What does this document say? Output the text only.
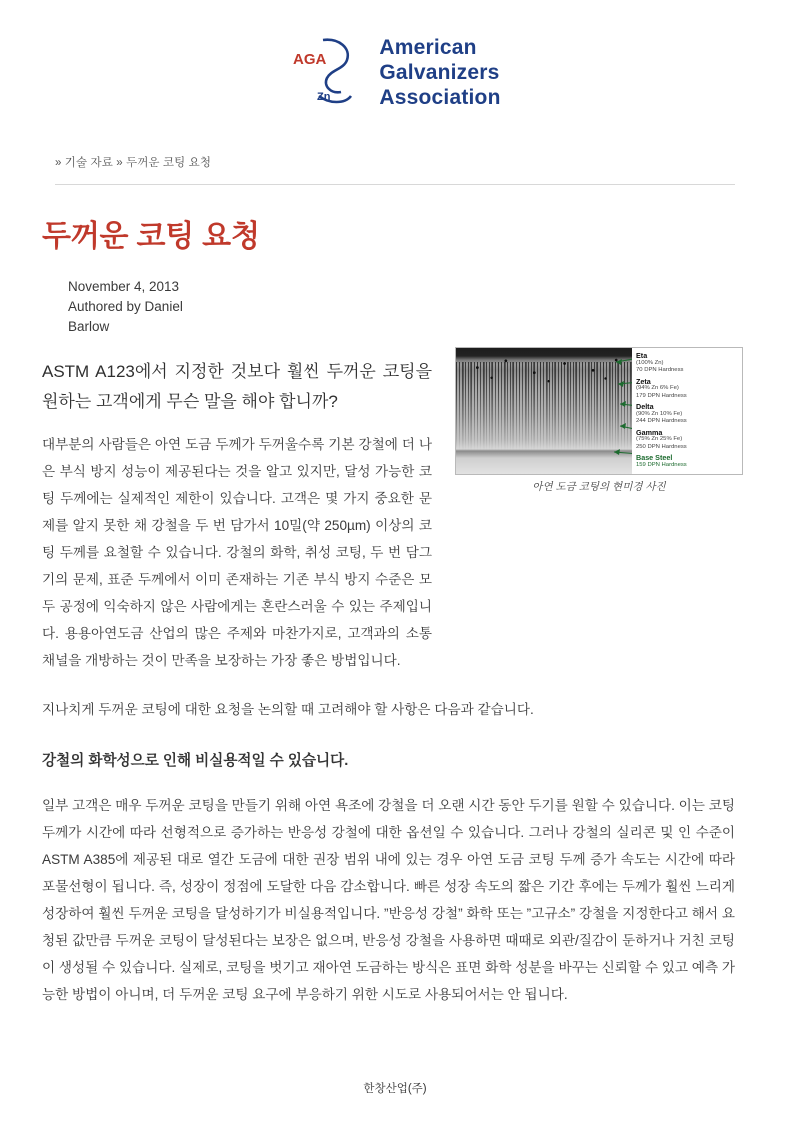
AGA
Zn
American
Galvanizers
Association
» 기술 자료 » 두꺼운 코팅 요청
두꺼운 코팅 요청
November 4, 2013
Authored by Daniel Barlow
Eta
(100% Zn)
70 DPN Hardness
Zeta
(94% Zn 6% Fe)
179 DPN Hardness
Delta
(90% Zn 10% Fe)
244 DPN Hardness
Gamma
(75% Zn 25% Fe)
250 DPN Hardness
Base Steel
159 DPN Hardness
아연 도금 코팅의 현미경 사진
ASTM A123에서 지정한 것보다 훨씬 두꺼운 코팅을 원하는 고객에게 무슨 말을 해야 합니까?
대부분의 사람들은 아연 도금 두께가 두꺼울수록 기본 강철에 더 나은 부식 방지 성능이 제공된다는 것을 알고 있지만, 달성 가능한 코팅 두께에는 실제적인 제한이 있습니다. 고객은 몇 가지 중요한 문제를 알지 못한 채 강철을 두 번 담가서 10밀(약 250µm) 이상의 코팅 두께를 요철할 수 있습니다. 강철의 화학, 취성 코팅, 두 번 담그기의 문제, 표준 두께에서 이미 존재하는 기존 부식 방지 수준은 모두 공정에 익숙하지 않은 사람에게는 혼란스러울 수 있는 주제입니다. 용용아연도금 산업의 많은 주제와 마찬가지로, 고객과의 소통 채널을 개방하는 것이 만족을 보장하는 가장 좋은 방법입니다.
지나치게 두꺼운 코팅에 대한 요청을 논의할 때 고려해야 할 사항은 다음과 같습니다.
강철의 화학성으로 인해 비실용적일 수 있습니다.
일부 고객은 매우 두꺼운 코팅을 만들기 위해 아연 욕조에 강철을 더 오랜 시간 동안 두기를 원할 수 있습니다. 이는 코팅 두께가 시간에 따라 선형적으로 증가하는 반응성 강철에 대한 옵션일 수 있습니다. 그러나 강철의 실리콘 및 인 수준이 ASTM A385에 제공된 대로 열간 도금에 대한 권장 범위 내에 있는 경우 아연 도금 코팅 두께 증가 속도는 시간에 따라 포물선형이 됩니다. 즉, 성장이 정점에 도달한 다음 감소합니다. 빠른 성장 속도의 짧은 기간 후에는 두께가 훨씬 느리게 성장하여 훨씬 두꺼운 코팅을 달성하기가 비실용적입니다. ”반응성 강철” 화학 또는 ”고규소” 강철을 지정한다고 해서 요청된 값만큼 두꺼운 코팅이 달성된다는 보장은 없으며, 반응성 강철을 사용하면 때때로 외관/질감이 둔하거나 거친 코팅이 생성될 수 있습니다. 실제로, 코팅을 벗기고 재아연 도금하는 방식은 표면 화학 성분을 바꾸는 신뢰할 수 있고 예측 가능한 방법이 아니며, 더 두꺼운 코팅 요구에 부응하기 위한 시도로 사용되어서는 안 됩니다.
한창산업(주)
